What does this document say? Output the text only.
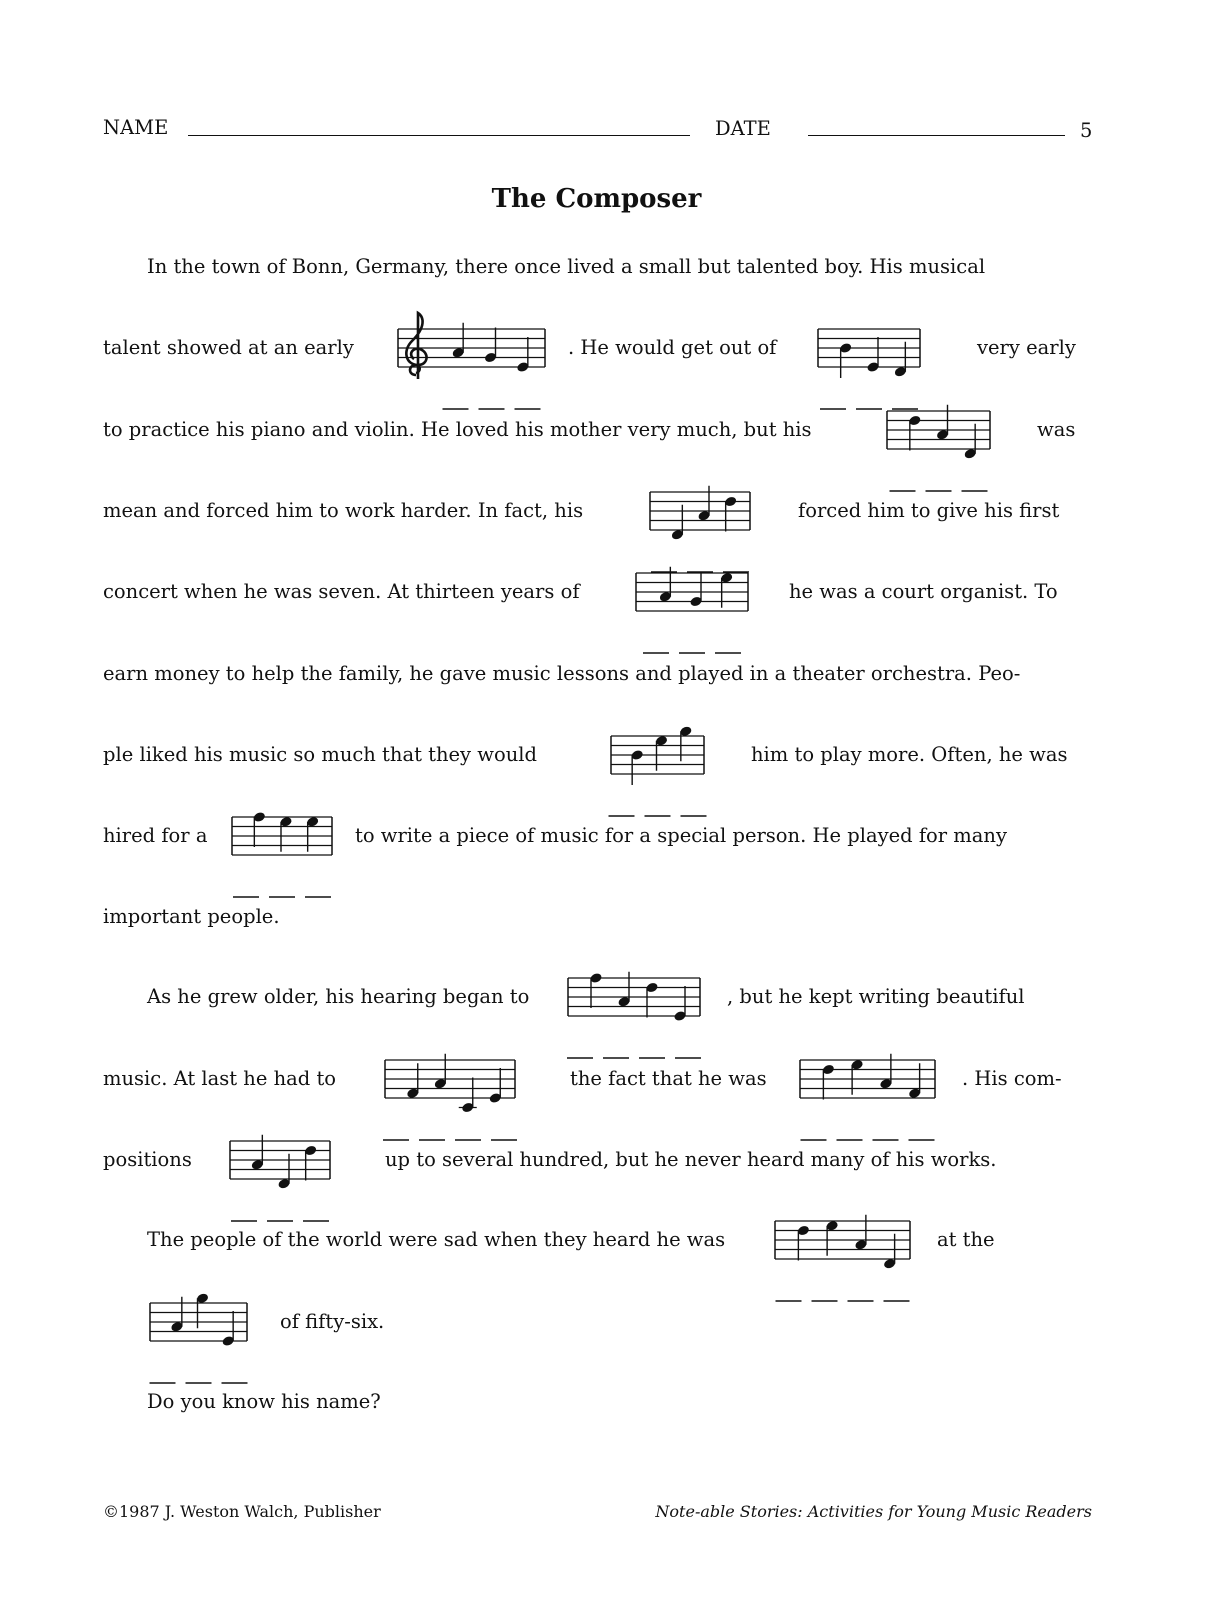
NAME	DATE	5
The Composer
In the town of Bonn, Germany, there once lived a small but talented boy. His musical
talent showed at an early	. He would get out of	very early
to practice his piano and violin. He loved his mother very much, but his	was
mean and forced him to work harder. In fact, his	forced him to give his first
concert when he was seven. At thirteen years of	he was a court organist. To
earn money to help the family, he gave music lessons and played in a theater orchestra. Peo-
ple liked his music so much that they would	him to play more. Often, he was
hired for a	to write a piece of music for a special person. He played for many
important people.
As he grew older, his hearing began to	, but he kept writing beautiful
music. At last he had to	the fact that he was	. His com-
positions	up to several hundred, but he never heard many of his works.
The people of the world were sad when they heard he was	at the
of fifty-six.
Do you know his name?
©1987 J. Weston Walch, Publisher	Note-able Stories: Activities for Young Music Readers
